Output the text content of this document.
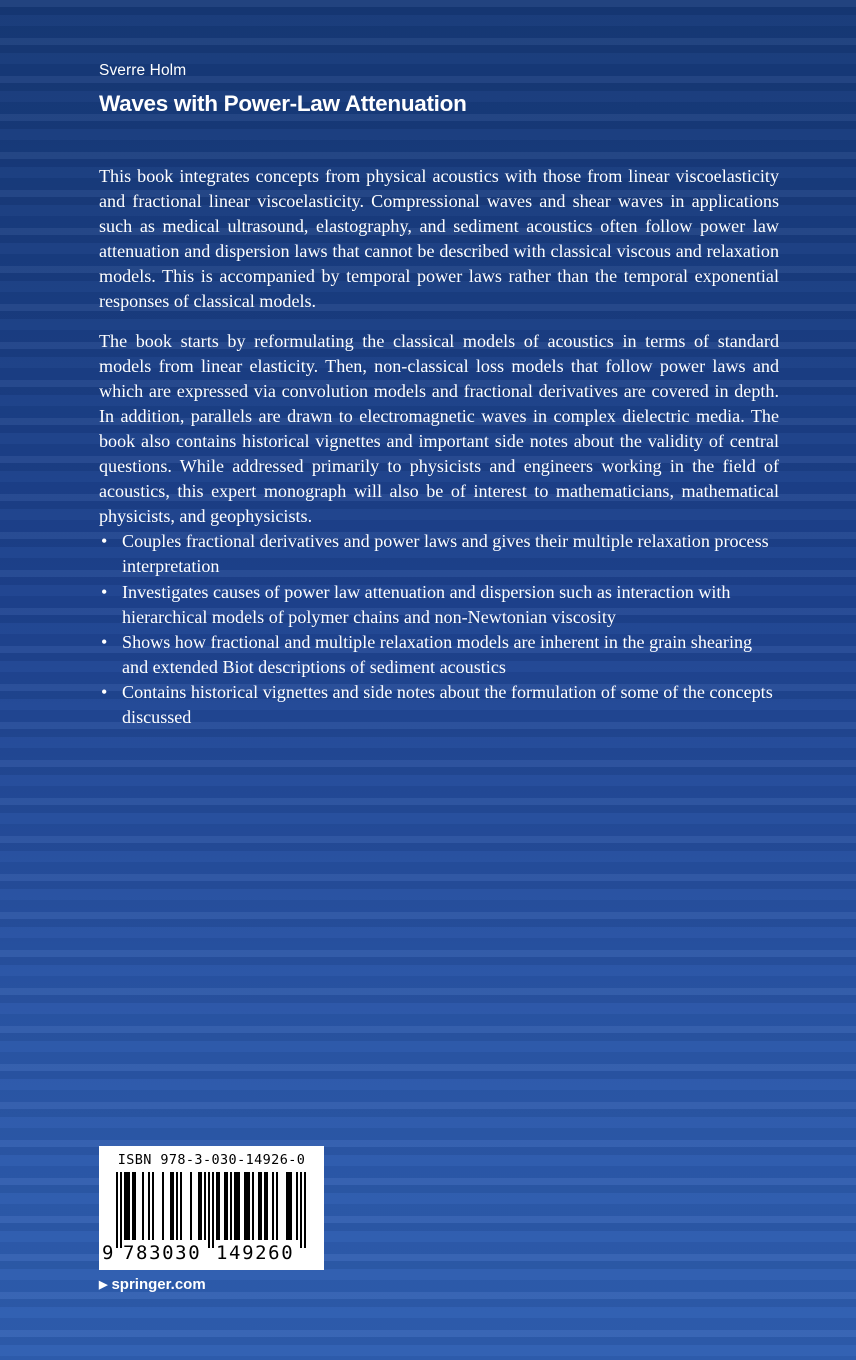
Sverre Holm
Waves with Power-Law Attenuation

This book integrates concepts from physical acoustics with those from linear viscoelasticity and fractional linear viscoelasticity. Compressional waves and shear waves in applications such as medical ultrasound, elastography, and sediment acoustics often follow power law attenuation and dispersion laws that cannot be described with classical viscous and relaxation models. This is accompanied by temporal power laws rather than the temporal exponential responses of classical models.

The book starts by reformulating the classical models of acoustics in terms of standard models from linear elasticity. Then, non-classical loss models that follow power laws and which are expressed via convolution models and fractional derivatives are covered in depth. In addition, parallels are drawn to electromagnetic waves in complex dielectric media. The book also contains historical vignettes and important side notes about the validity of central questions. While addressed primarily to physicists and engineers working in the field of acoustics, this expert monograph will also be of interest to mathematicians, mathematical physicists, and geophysicists.

• Couples fractional derivatives and power laws and gives their multiple relaxation process interpretation
• Investigates causes of power law attenuation and dispersion such as interaction with hierarchical models of polymer chains and non-Newtonian viscosity
• Shows how fractional and multiple relaxation models are inherent in the grain shearing and extended Biot descriptions of sediment acoustics
• Contains historical vignettes and side notes about the formulation of some of the concepts discussed
ISBN 978-3-030-14926-0
9 783030 149260
▶ springer.com
